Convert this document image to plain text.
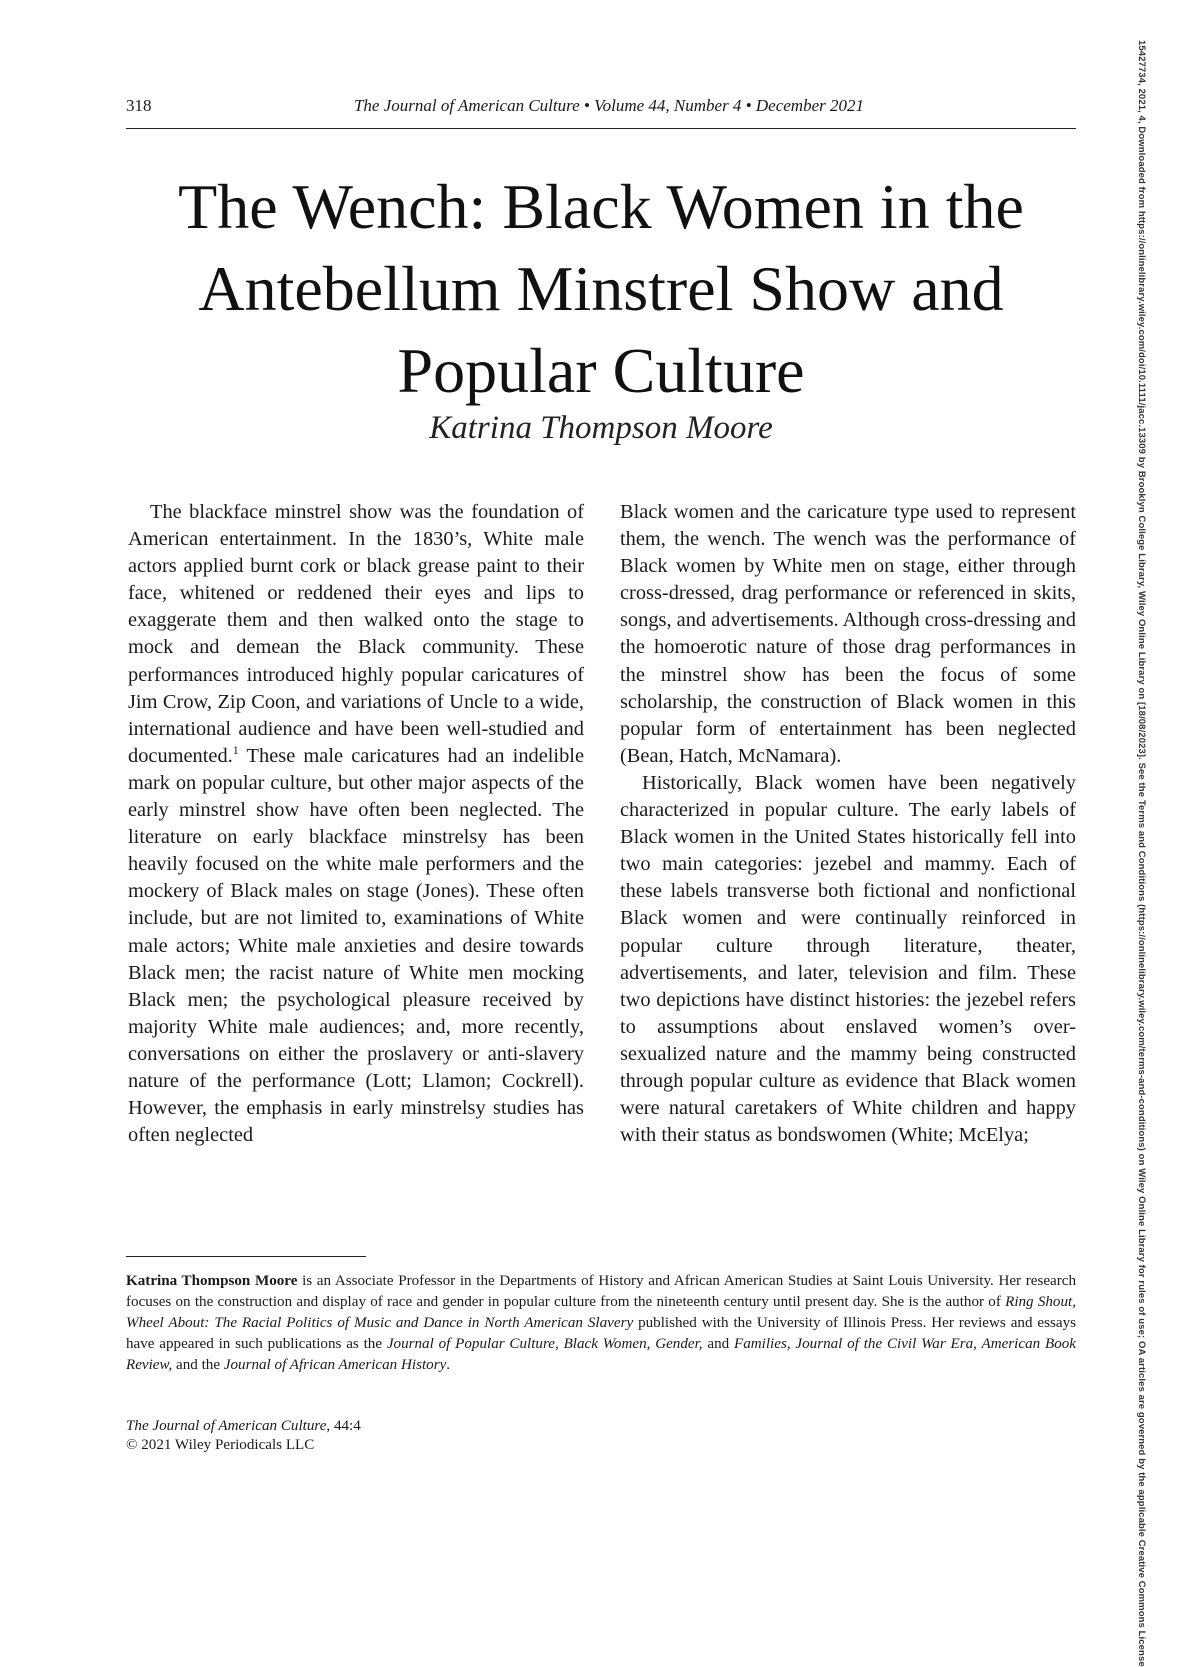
318	The Journal of American Culture • Volume 44, Number 4 • December 2021
The Wench: Black Women in the Antebellum Minstrel Show and Popular Culture
Katrina Thompson Moore

The blackface minstrel show was the foundation of American entertainment. In the 1830’s, White male actors applied burnt cork or black grease paint to their face, whitened or reddened their eyes and lips to exaggerate them and then walked onto the stage to mock and demean the Black community. These performances introduced highly popular caricatures of Jim Crow, Zip Coon, and variations of Uncle to a wide, international audience and have been well-studied and documented.$^1$ These male caricatures had an indelible mark on popular culture, but other major aspects of the early minstrel show have often been neglected. The literature on early blackface minstrelsy has been heavily focused on the white male performers and the mockery of Black males on stage (Jones). These often include, but are not limited to, examinations of White male actors; White male anxieties and desire towards Black men; the racist nature of White men mocking Black men; the psychological pleasure received by majority White male audiences; and, more recently, conversations on either the proslavery or anti-slavery nature of the performance (Lott; Llamon; Cockrell). However, the emphasis in early minstrelsy studies has often neglected

Black women and the caricature type used to represent them, the wench. The wench was the performance of Black women by White men on stage, either through cross-dressed, drag performance or referenced in skits, songs, and advertisements. Although cross-dressing and the homoerotic nature of those drag performances in the minstrel show has been the focus of some scholarship, the construction of Black women in this popular form of entertainment has been neglected (Bean, Hatch, McNamara).

Historically, Black women have been negatively characterized in popular culture. The early labels of Black women in the United States historically fell into two main categories: jezebel and mammy. Each of these labels transverse both fictional and nonfictional Black women and were continually reinforced in popular culture through literature, theater, advertisements, and later, television and film. These two depictions have distinct histories: the jezebel refers to assumptions about enslaved women’s over-sexualized nature and the mammy being constructed through popular culture as evidence that Black women were natural caretakers of White children and happy with their status as bondswomen (White; McElya;

Katrina Thompson Moore is an Associate Professor in the Departments of History and African American Studies at Saint Louis University. Her research focuses on the construction and display of race and gender in popular culture from the nineteenth century until present day. She is the author of Ring Shout, Wheel About: The Racial Politics of Music and Dance in North American Slavery published with the University of Illinois Press. Her reviews and essays have appeared in such publications as the Journal of Popular Culture, Black Women, Gender, and Families, Journal of the Civil War Era, American Book Review, and the Journal of African American History.

The Journal of American Culture, 44:4
© 2021 Wiley Periodicals LLC	15427734, 2021, 4, Downloaded from https://onlinelibrary.wiley.com/doi/10.1111/jacc.13309 by Brooklyn College Library, Wiley Online Library on [18/08/2023]. See the Terms and Conditions (https://onlinelibrary.wiley.com/terms-and-conditions) on Wiley Online Library for rules of use; OA articles are governed by the applicable Creative Commons License
